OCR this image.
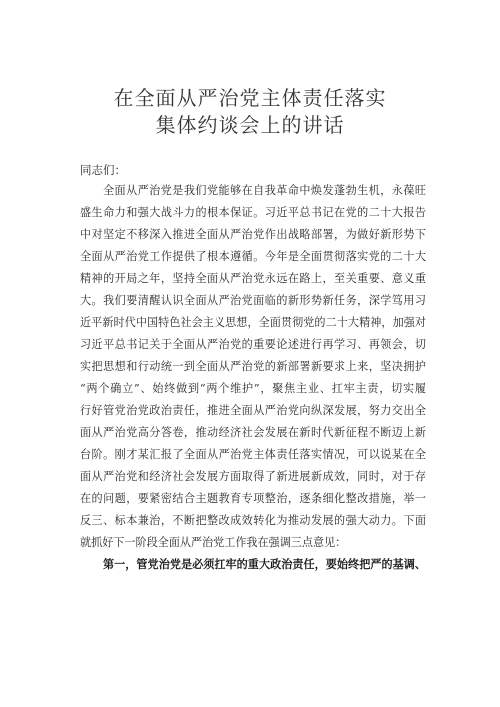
在全面从严治党主体责任落实
集体约谈会上的讲话
同志们：
全面从严治党是我们党能够在自我革命中焕发蓬勃生机，永葆旺
盛生命力和强大战斗力的根本保证。习近平总书记在党的二十大报告
中对坚定不移深入推进全面从严治党作出战略部署，为做好新形势下
全面从严治党工作提供了根本遵循。今年是全面贯彻落实党的二十大
精神的开局之年，坚持全面从严治党永远在路上，至关重要、意义重
大。我们要清醒认识全面从严治党面临的新形势新任务，深学笃用习
近平新时代中国特色社会主义思想，全面贯彻党的二十大精神，加强对
习近平总书记关于全面从严治党的重要论述进行再学习、再领会，切
实把思想和行动统一到全面从严治党的新部署新要求上来，坚决拥护
“两个确立”、始终做到“两个维护”，聚焦主业、扛牢主责，切实履
行好管党治党政治责任，推进全面从严治党向纵深发展，努力交出全
面从严治党高分答卷，推动经济社会发展在新时代新征程不断迈上新
台阶。刚才某汇报了全面从严治党主体责任落实情况，可以说某在全
面从严治党和经济社会发展方面取得了新进展新成效，同时，对于存
在的问题，要紧密结合主题教育专项整治，逐条细化整改措施，举一
反三、标本兼治，不断把整改成效转化为推动发展的强大动力。下面
就抓好下一阶段全面从严治党工作我在强调三点意见：
第一，管党治党是必须扛牢的重大政治责任，要始终把严的基调、
